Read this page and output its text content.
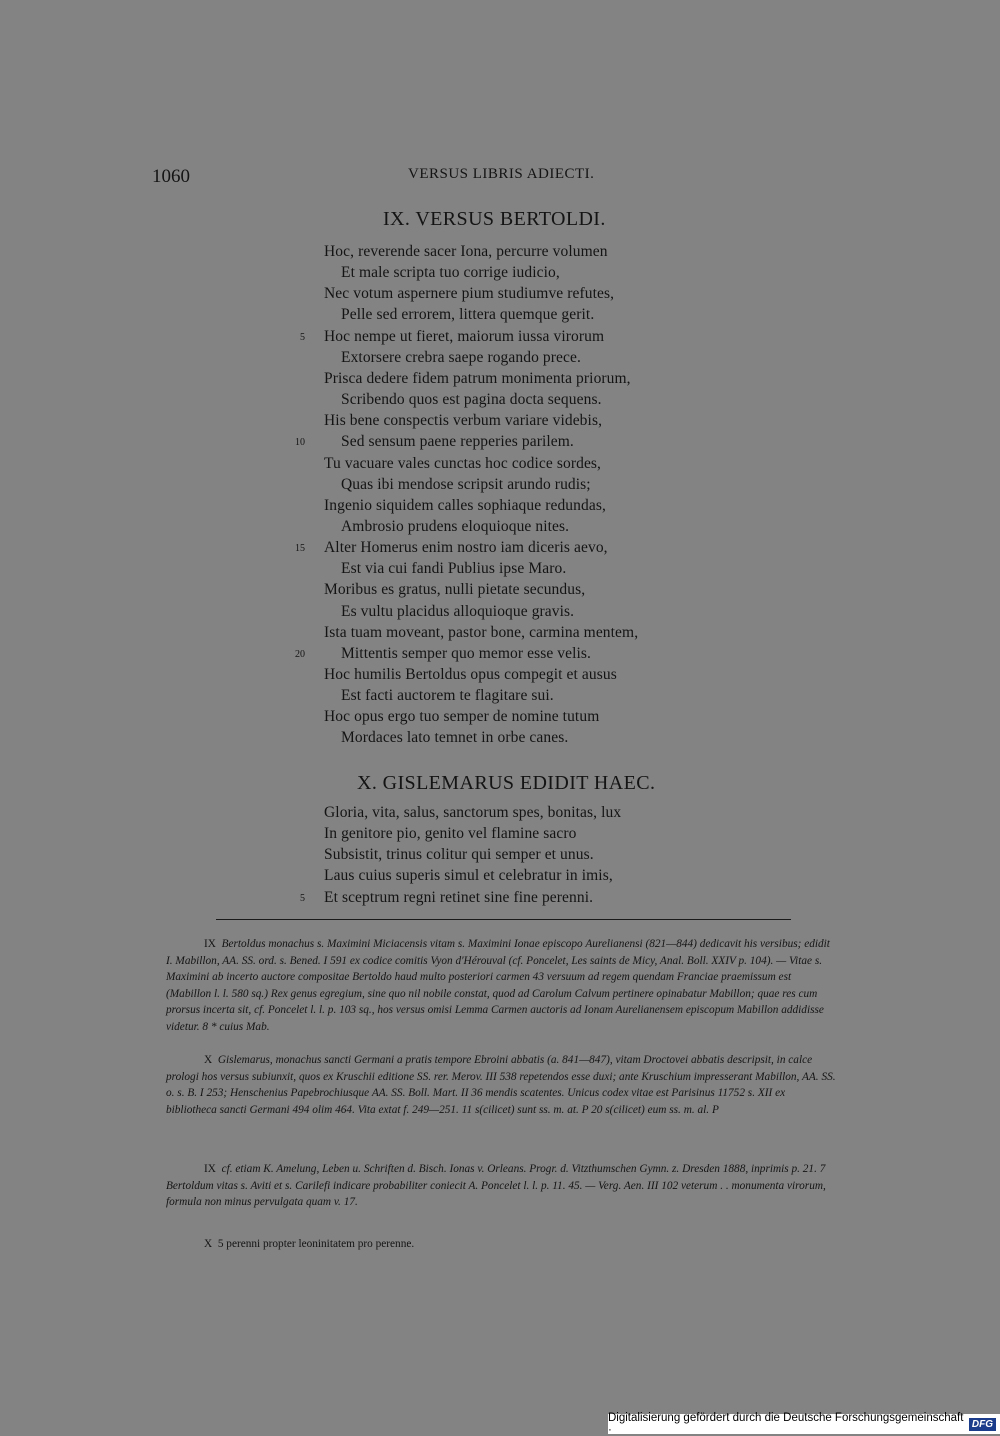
1060	VERSUS LIBRIS ADIECTI.
IX. VERSUS BERTOLDI.
Hoc, reverende sacer Iona, percurre volumen
Et male scripta tuo corrige iudicio,
Nec votum aspernere pium studiumve refutes,
Pelle sed errorem, littera quemque gerit.
Hoc nempe ut fieret, maiorum iussa virorum
Extorsere crebra saepe rogando prece.
Prisca dedere fidem patrum monimenta priorum,
Scribendo quos est pagina docta sequens.
His bene conspectis verbum variare videbis,
Sed sensum paene repperies parilem.
Tu vacuare vales cunctas hoc codice sordes,
Quas ibi mendose scripsit arundo rudis;
Ingenio siquidem calles sophiaque redundas,
Ambrosio prudens eloquioque nites.
Alter Homerus enim nostro iam diceris aevo,
Est via cui fandi Publius ipse Maro.
Moribus es gratus, nulli pietate secundus,
Es vultu placidus alloquioque gravis.
Ista tuam moveant, pastor bone, carmina mentem,
Mittentis semper quo memor esse velis.
Hoc humilis Bertoldus opus compegit et ausus
Est facti auctorem te flagitare sui.
Hoc opus ergo tuo semper de nomine tutum
Mordaces lato temnet in orbe canes.
5
10
15
20
X. GISLEMARUS EDIDIT HAEC.
Gloria, vita, salus, sanctorum spes, bonitas, lux
In genitore pio, genito vel flamine sacro
Subsistit, trinus colitur qui semper et unus.
Laus cuius superis simul et celebratur in imis,
Et sceptrum regni retinet sine fine perenni.
5
IX Bertoldus monachus s. Maximini Miciacensis vitam s. Maximini Ionae episcopo Aurelianensi (821—844) dedicavit his versibus; edidit I. Mabillon, AA. SS. ord. s. Bened. I 591 ex codice comitis Vyon d'Hérouval (cf. Poncelet, Les saints de Micy, Anal. Boll. XXIV p. 104). — Vitae s. Maximini ab incerto auctore compositae Bertoldo haud multo posteriori carmen 43 versuum ad regem quendam Franciae praemissum est (Mabillon l. l. 580 sq.) Rex genus egregium, sine quo nil nobile constat, quod ad Carolum Calvum pertinere opinabatur Mabillon; quae res cum prorsus incerta sit, cf. Poncelet l. l. p. 103 sq., hos versus omisi Lemma Carmen auctoris ad Ionam Aurelianensem episcopum Mabillon addidisse videtur. 8 * cuius Mab.
X Gislemarus, monachus sancti Germani a pratis tempore Ebroini abbatis (a. 841—847), vitam Droctovei abbatis descripsit, in calce prologi hos versus subiunxit, quos ex Kruschii editione SS. rer. Merov. III 538 repetendos esse duxi; ante Kruschium impresserant Mabillon, AA. SS. o. s. B. I 253; Henschenius Papebrochiusque AA. SS. Boll. Mart. II 36 mendis scatentes. Unicus codex vitae est Parisinus 11752 s. XII ex bibliotheca sancti Germani 494 olim 464. Vita extat f. 249—251. 11 s(cilicet) sunt ss. m. at. P 20 s(cilicet) eum ss. m. al. P
IX cf. etiam K. Amelung, Leben u. Schriften d. Bisch. Ionas v. Orleans. Progr. d. Vitzthumschen Gymn. z. Dresden 1888, inprimis p. 21. 7 Bertoldum vitas s. Aviti et s. Carilefi indicare probabiliter coniecit A. Poncelet l. l. p. 11. 45. — Verg. Aen. III 102 veterum . . monumenta virorum, formula non minus pervulgata quam v. 17.
X 5 perenni propter leoninitatem pro perenne.
Digitalisierung gefördert durch die Deutsche Forschungsgemeinschaft ·	DFG
